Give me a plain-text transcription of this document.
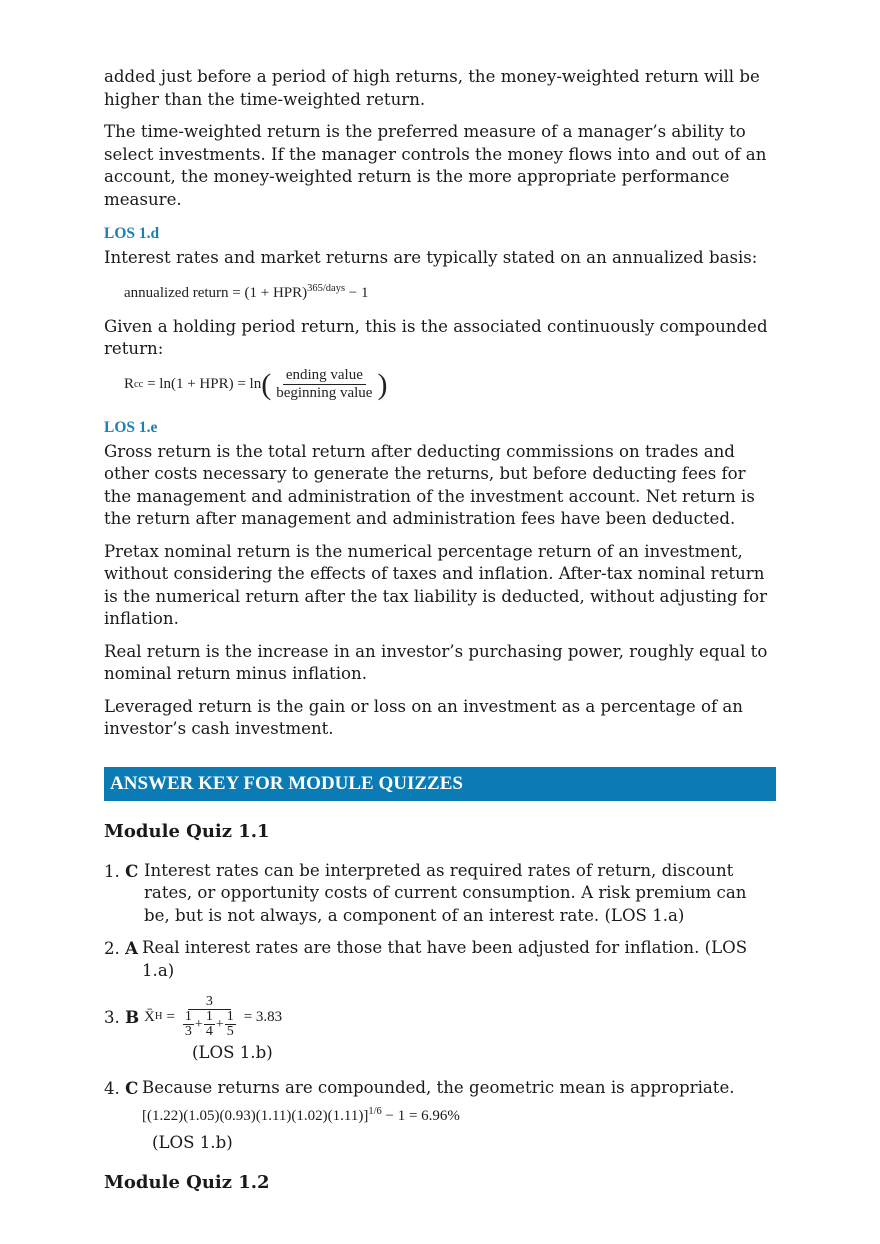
added just before a period of high returns, the money-weighted return will be higher than the time-weighted return.

The time-weighted return is the preferred measure of a manager’s ability to select investments. If the manager controls the money flows into and out of an account, the money-weighted return is the more appropriate performance measure.

LOS 1.d

Interest rates and market returns are typically stated on an annualized basis:

annualized return = (1 + HPR)$^{365/days}$ − 1

Given a holding period return, this is the associated continuously compounded return:

R cc = ln(1 + HPR) = ln ( $\frac{\text{ending value}}{\text{beginning value}}$ )
LOS 1.e

Gross return is the total return after deducting commissions on trades and other costs necessary to generate the returns, but before deducting fees for the management and administration of the investment account. Net return is the return after management and administration fees have been deducted.

Pretax nominal return is the numerical percentage return of an investment, without considering the effects of taxes and inflation. After-tax nominal return is the numerical return after the tax liability is deducted, without adjusting for inflation.

Real return is the increase in an investor’s purchasing power, roughly equal to nominal return minus inflation.

Leveraged return is the gain or loss on an investment as a percentage of an investor’s cash investment.

ANSWER KEY FOR MODULE QUIZZES
Module Quiz 1.1
1. C Interest rates can be interpreted as required rates of return, discount rates, or opportunity costs of current consumption. A risk premium can be, but is not always, a component of an interest rate. (LOS 1.a)
2. A Real interest rates are those that have been adjusted for inflation. (LOS 1.a)
3. B X̄ $H = \frac{3}{\frac{1}{3} + \frac{1}{4} + \frac{1}{5}} = 3.83$
(LOS 1.b)
4. C Because returns are compounded, the geometric mean is appropriate.
$[(1.22)(1.05)(0.93)(1.11)(1.02)(1.11)]^{1/6} - 1 = 6.96\%$
(LOS 1.b)
Module Quiz 1.2
